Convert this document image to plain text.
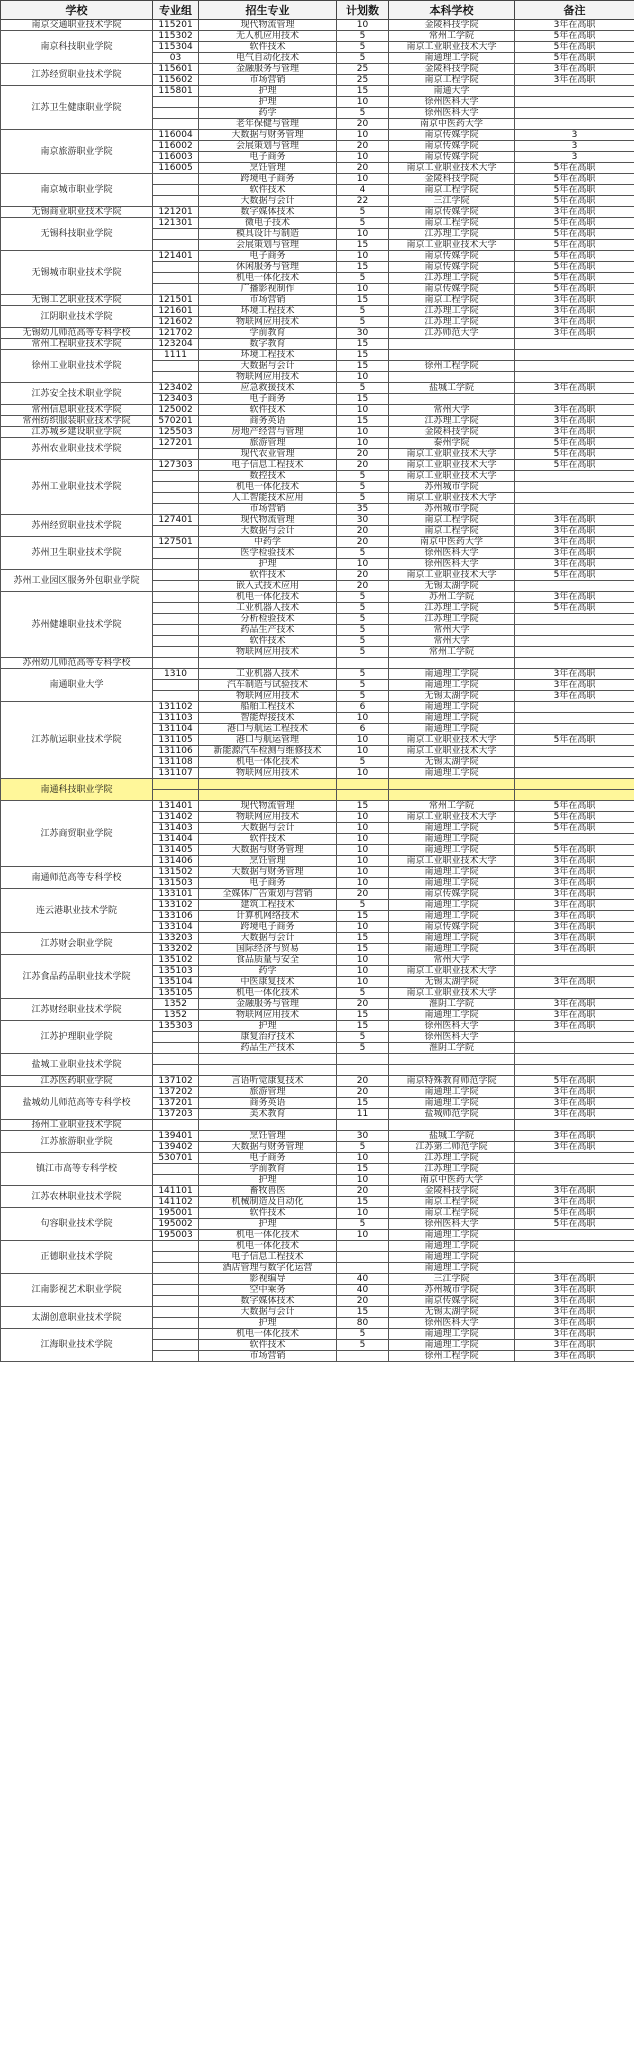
学校	专业组	招生专业	计划数	本科学校	备注
南京交通职业技术学院	115201	现代物流管理	10	金陵科技学院	3年在高职
南京科技职业学院	115302	无人机应用技术	5	常州工学院	5年在高职
	115304	软件技术	5	南京工业职业技术大学	5年在高职
	03	电气自动化技术	5	南通理工学院	5年在高职
江苏经贸职业技术学院	115601	金融服务与管理	25	金陵科技学院	3年在高职
	115602	市场营销	25	南京工程学院	3年在高职
江苏卫生健康职业学院	115801	护理	15	南通大学	
		护理	10	徐州医科大学	
		药学	5	徐州医科大学	
		老年保健与管理	20	南京中医药大学	
南京旅游职业学院	116004	大数据与财务管理	10	南京传媒学院	3
	116002	会展策划与管理	20	南京传媒学院	3
	116003	电子商务	10	南京传媒学院	3
	116005	烹饪管理	20	南京工业职业技术大学	5年在高职
南京城市职业学院		跨境电子商务	10	金陵科技学院	5年在高职
		软件技术	4	南京工程学院	5年在高职
		大数据与会计	22	三江学院	5年在高职
无锡商业职业技术学院	121201	数字媒体技术	5	南京传媒学院	3年在高职
无锡科技职业学院	121301	微电子技术	5	南京工程学院	5年在高职
		模具设计与制造	10	江苏理工学院	5年在高职
		会展策划与管理	15	南京工业职业技术大学	5年在高职
无锡城市职业技术学院	121401	电子商务	10	南京传媒学院	5年在高职
		休闲服务与管理	15	南京传媒学院	5年在高职
		机电一体化技术	5	江苏理工学院	5年在高职
		广播影视制作	10	南京传媒学院	5年在高职
无锡工艺职业技术学院	121501	市场营销	15	南京工程学院	3年在高职
江阴职业技术学院	121601	环境工程技术	5	江苏理工学院	3年在高职
	121602	物联网应用技术	5	江苏理工学院	3年在高职
无锡幼儿师范高等专科学校	121702	学前教育	30	江苏师范大学	3年在高职
常州工程职业技术学院	123204	数字教育	15		
徐州工业职业技术学院	1111	环境工程技术	15		
		大数据与会计	15	徐州工程学院	
		物联网应用技术	10		
江苏安全技术职业学院	123402	应急救援技术	5	盐城工学院	3年在高职
	123403	电子商务	15		
常州信息职业技术学院	125002	软件技术	10	常州大学	3年在高职
常州纺织服装职业技术学院	570201	商务英语	15	江苏理工学院	3年在高职
江苏城乡建设职业学院	125503	房地产经营与管理	10	金陵科技学院	3年在高职
苏州农业职业技术学院	127201	旅游管理	10	泰州学院	5年在高职
		现代农业管理	20	南京工业职业技术大学	5年在高职
苏州工业职业技术学院	127303	电子信息工程技术	20	南京工业职业技术大学	5年在高职
		数控技术	5	南京工业职业技术大学	
		机电一体化技术	5	苏州城市学院	
		人工智能技术应用	5	南京工业职业技术大学	
		市场营销	35	苏州城市学院	
苏州经贸职业技术学院	127401	现代物流管理	30	南京工程学院	3年在高职
		大数据与会计	20	南京工程学院	3年在高职
苏州卫生职业技术学院	127501	中药学	20	南京中医药大学	3年在高职
		医学检验技术	5	徐州医科大学	3年在高职
		护理	10	徐州医科大学	3年在高职
苏州工业园区服务外包职业学院		软件技术	20	南京工业职业技术大学	5年在高职
		嵌入式技术应用	20	无锡太湖学院	
苏州健雄职业技术学院		机电一体化技术	5	苏州工学院	3年在高职
		工业机器人技术	5	江苏理工学院	5年在高职
		分析检验技术	5	江苏理工学院	
		药品生产技术	5	常州大学	
		软件技术	5	常州大学	
		物联网应用技术	5	常州工学院	
苏州幼儿师范高等专科学校					
南通职业大学	1310	工业机器人技术	5	南通理工学院	3年在高职
		汽车制造与试验技术	5	南通理工学院	3年在高职
		物联网应用技术	5	无锡太湖学院	3年在高职
江苏航运职业技术学院	131102	船舶工程技术	6	南通理工学院	
	131103	智能焊接技术	10	南通理工学院	
	131104	港口与航运工程技术	6	南通理工学院	
	131105	港口与航运管理	10	南京工业职业技术大学	5年在高职
	131106	新能源汽车检测与维修技术	10	南京工业职业技术大学	
	131108	机电一体化技术	5	无锡太湖学院	
	131107	物联网应用技术	10	南通理工学院	
南通科技职业学院					

江苏商贸职业学院	131401	现代物流管理	15	常州工学院	5年在高职
	131402	物联网应用技术	10	南京工业职业技术大学	5年在高职
	131403	大数据与会计	10	南通理工学院	5年在高职
	131404	软件技术	10	南通理工学院	
	131405	大数据与财务管理	10	南通理工学院	5年在高职
	131406	烹饪管理	10	南京工业职业技术大学	3年在高职
南通师范高等专科学校	131502	大数据与财务管理	10	南通理工学院	3年在高职
	131503	电子商务	10	南通理工学院	3年在高职
连云港职业技术学院	133101	全媒体广告策划与营销	20	南京传媒学院	3年在高职
	133102	建筑工程技术	5	南通理工学院	3年在高职
	133106	计算机网络技术	15	南通理工学院	3年在高职
	133104	跨境电子商务	10	南京传媒学院	3年在高职
江苏财会职业学院	133203	大数据与会计	15	南通理工学院	3年在高职
	133202	国际经济与贸易	15	南通理工学院	3年在高职
江苏食品药品职业技术学院	135102	食品质量与安全	10	常州大学	
	135103	药学	10	南京工业职业技术大学	
	135104	中医康复技术	10	无锡太湖学院	3年在高职
	135105	机电一体化技术	5	南京工业职业技术大学	
江苏财经职业技术学院	1352	金融服务与管理	20	淮阴工学院	3年在高职
	1352	物联网应用技术	15	南通理工学院	3年在高职
江苏护理职业学院	135303	护理	15	徐州医科大学	3年在高职
		康复治疗技术	5	徐州医科大学	
		药品生产技术	5	淮阴工学院	
盐城工业职业技术学院					

江苏医药职业学院	137102	言语听觉康复技术	20	南京特殊教育师范学院	5年在高职
盐城幼儿师范高等专科学校	137202	旅游管理	20	南通理工学院	3年在高职
	137201	商务英语	15	南通理工学院	3年在高职
	137203	美术教育	11	盐城师范学院	3年在高职
扬州工业职业技术学院					
江苏旅游职业学院	139401	烹饪管理	30	盐城工学院	3年在高职
	139402	大数据与财务管理	5	江苏第二师范学院	3年在高职
镇江市高等专科学校	530701	电子商务	10	江苏理工学院	
		学前教育	15	江苏理工学院	
		护理	10	南京中医药大学	
江苏农林职业技术学院	141101	畜牧兽医	20	金陵科技学院	3年在高职
	141102	机械制造及自动化	15	南京工程学院	3年在高职
句容职业技术学院	195001	软件技术	10	南京工程学院	5年在高职
	195002	护理	5	徐州医科大学	5年在高职
	195003	机电一体化技术	10	南通理工学院	
正德职业技术学院		机电一体化技术		南通理工学院	
		电子信息工程技术		南通理工学院	
		酒店管理与数字化运营		南通理工学院	
江南影视艺术职业学院		影视编导	40	三江学院	3年在高职
		空中乘务	40	苏州城市学院	3年在高职
		数字媒体技术	20	南京传媒学院	3年在高职
太湖创意职业技术学院		大数据与会计	15	无锡太湖学院	3年在高职
		护理	80	徐州医科大学	3年在高职
江海职业技术学院		机电一体化技术	5	南通理工学院	3年在高职
		软件技术	5	南通理工学院	3年在高职
		市场营销		徐州工程学院	3年在高职
